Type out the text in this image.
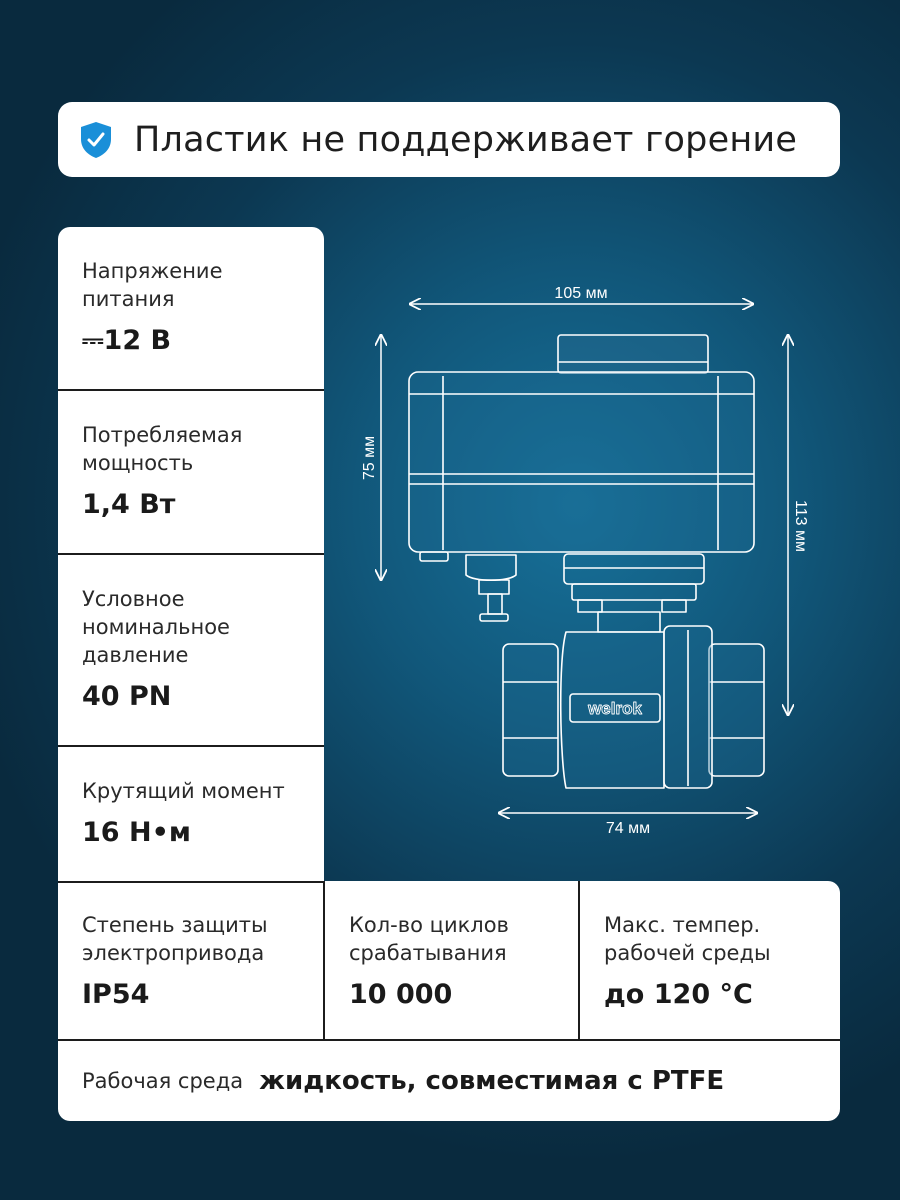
Пластик не поддерживает горение
Напряжение
питания
⎓12 В
Потребляемая
мощность
1,4 Вт
Условное
номинальное
давление
40 PN
Крутящий момент
16 Н•м
Степень защиты
электропривода
IP54
Кол-во циклов
срабатывания
10 000
Макс. темпер.
рабочей среды
до 120 °С
Рабочая среда жидкость, совместимая с PTFE
105 мм
75 мм
113 мм
74 мм
welrok
